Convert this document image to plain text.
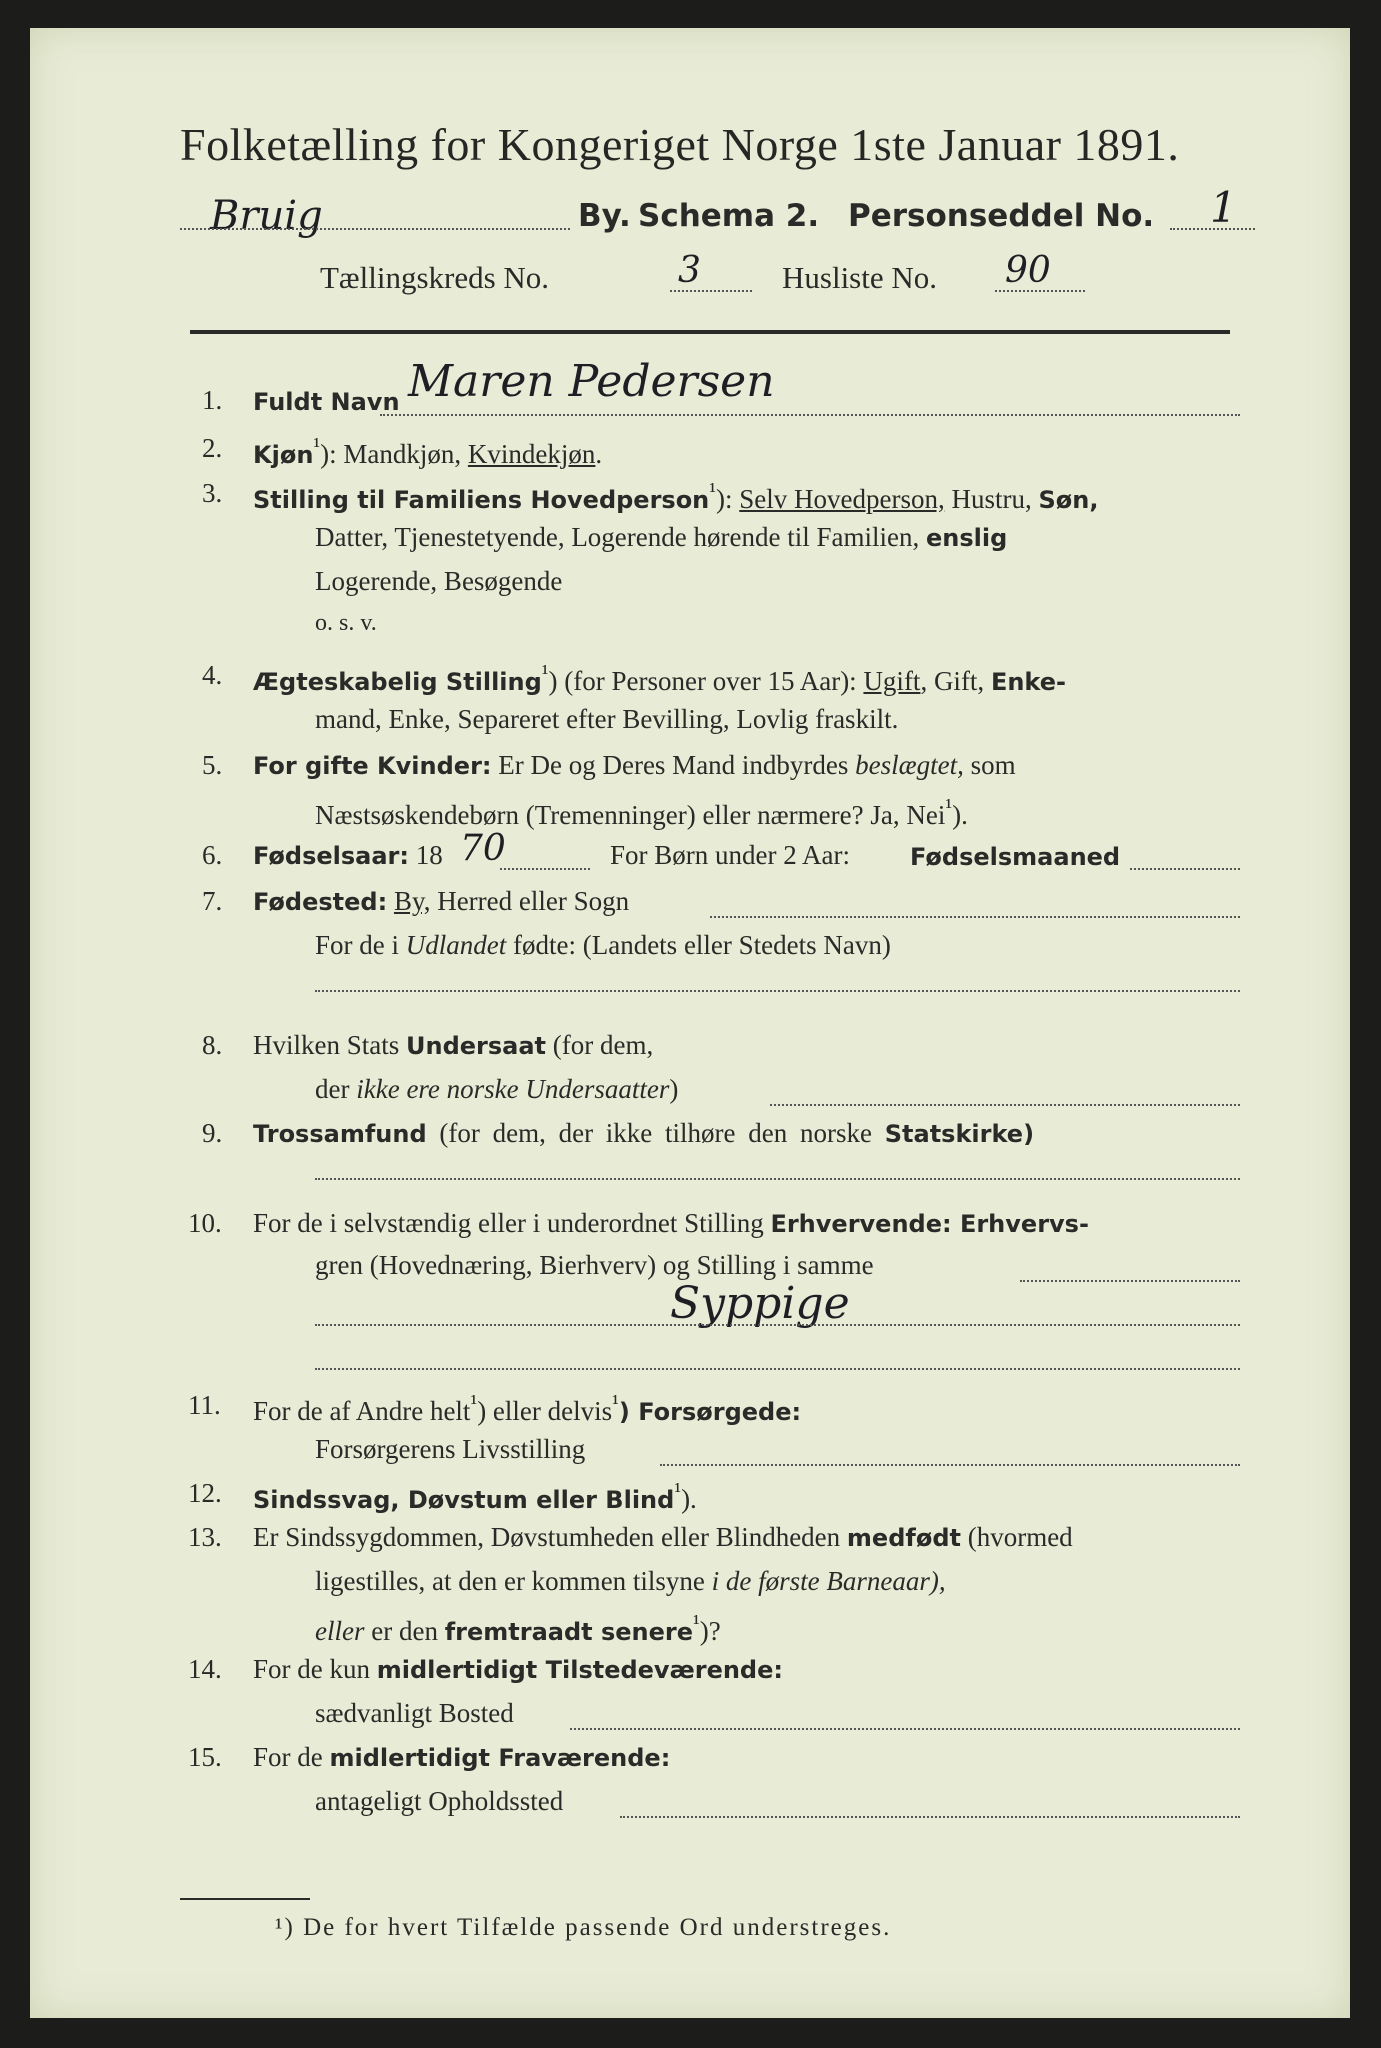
Folketælling for Kongeriget Norge 1ste Januar 1891.
Bruig	By. Schema 2. Personseddel No. 1
Tællingskreds No.	3	Husliste No. 90
1. Fuldt Navn Maren Pedersen
2. Kjøn$^{^1}$): Mandkjøn, Kvindekjøn.
3. Stilling til Familiens Hovedperson$^{^1}$): Selv Hovedperson, Hustru, Søn,
Datter, Tjenestetyende, Logerende hørende til Familien, enslig
Logerende, Besøgende
o. s. v.
4. Ægteskabelig Stilling$^{^1}$) (for Personer over 15 Aar): Ugift, Gift, Enke-
mand, Enke, Separeret efter Bevilling, Lovlig fraskilt.
5. For gifte Kvinder: Er De og Deres Mand indbyrdes beslægtet, som
Næstsøskendebørn (Tremenninger) eller nærmere? Ja, Nei$^{^1}$).
6. Fødselsaar: 18 70	For Børn under 2 Aar:	Fødselsmaaned
7. Fødested: By, Herred eller Sogn
For de i Udlandet fødte: (Landets eller Stedets Navn)
8. Hvilken Stats Undersaat (for dem,
der ikke ere norske Undersaatter)
9. Trossamfund (for dem, der ikke tilhøre den norske Statskirke)
10. For de i selvstændig eller i underordnet Stilling Erhvervende: Erhvervs-
gren (Hovednæring, Bierhverv) og Stilling i samme
Syppige
11. For de af Andre helt$^{^1}$) eller delvis$^{^1}$) Forsørgede:
Forsørgerens Livsstilling
12. Sindssvag, Døvstum eller Blind$^{^1}$).
13. Er Sindssygdommen, Døvstumheden eller Blindheden medfødt (hvormed
ligestilles, at den er kommen tilsyne i de første Barneaar),
eller er den fremtraadt senere$^{^1}$)?
14. For de kun midlertidigt Tilstedeværende:
sædvanligt Bosted
15. For de midlertidigt Fraværende:
antageligt Opholdssted
¹) De for hvert Tilfælde passende Ord understreges.
